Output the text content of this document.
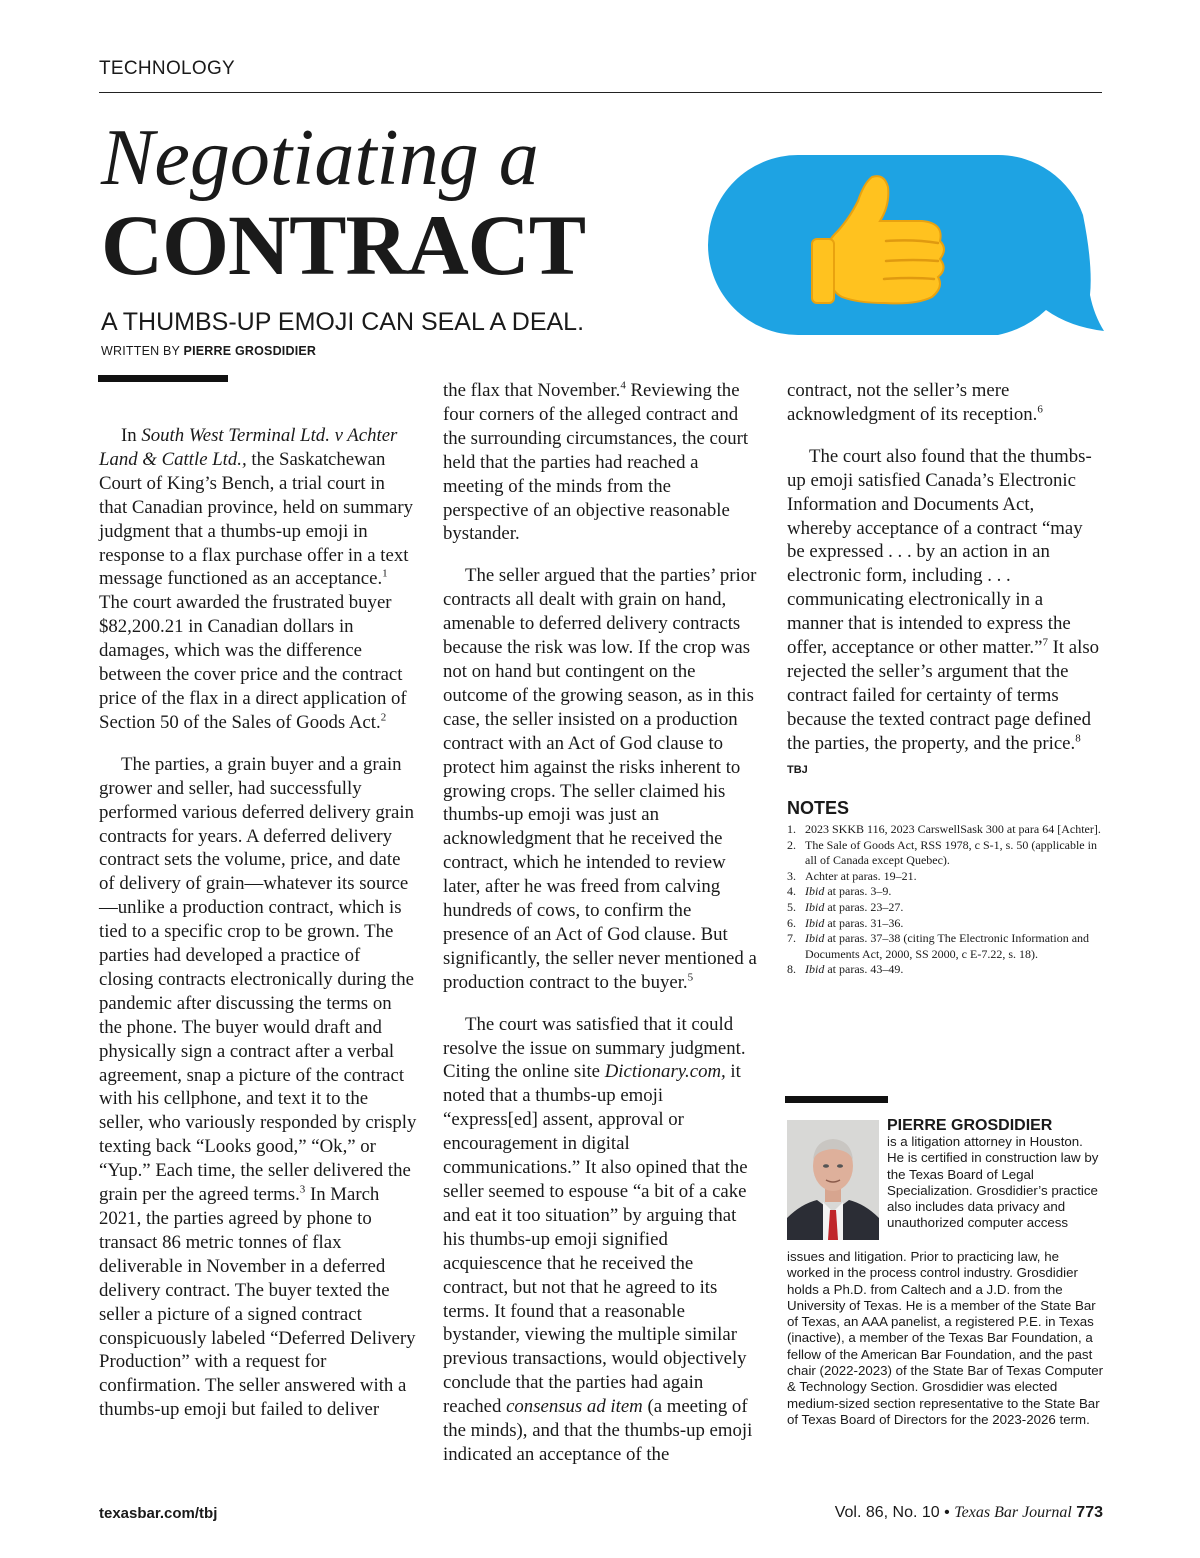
TECHNOLOGY
Negotiating a
CONTRACT
A THUMBS-UP EMOJI CAN SEAL A DEAL.
WRITTEN BY PIERRE GROSDIDIER

In South West Terminal Ltd. v Achter Land & Cattle Ltd., the Saskatchewan Court of King’s Bench, a trial court in that Canadian province, held on summary judgment that a thumbs-up emoji in response to a flax purchase offer in a text message functioned as an acceptance.$^1$ The court awarded the frustrated buyer $82,200.21 in Canadian dollars in damages, which was the difference between the cover price and the contract price of the flax in a direct application of Section 50 of the Sales of Goods Act.$^2$

The parties, a grain buyer and a grain grower and seller, had successfully performed various deferred delivery grain contracts for years. A deferred delivery contract sets the volume, price, and date of delivery of grain—whatever its source—unlike a production contract, which is tied to a specific crop to be grown. The parties had developed a practice of closing contracts electronically during the pandemic after discussing the terms on the phone. The buyer would draft and physically sign a contract after a verbal agreement, snap a picture of the contract with his cellphone, and text it to the seller, who variously responded by crisply texting back “Looks good,” “Ok,” or “Yup.” Each time, the seller delivered the grain per the agreed terms.$^3$ In March 2021, the parties agreed by phone to transact 86 metric tonnes of flax deliverable in November in a deferred delivery contract. The buyer texted the seller a picture of a signed contract conspicuously labeled “Deferred Delivery Production” with a request for confirmation. The seller answered with a thumbs-up emoji but failed to deliver

the flax that November.$^4$ Reviewing the four corners of the alleged contract and the surrounding circumstances, the court held that the parties had reached a meeting of the minds from the perspective of an objective reasonable bystander.

The seller argued that the parties’ prior contracts all dealt with grain on hand, amenable to deferred delivery contracts because the risk was low. If the crop was not on hand but contingent on the outcome of the growing season, as in this case, the seller insisted on a production contract with an Act of God clause to protect him against the risks inherent to growing crops. The seller claimed his thumbs-up emoji was just an acknowledgment that he received the contract, which he intended to review later, after he was freed from calving hundreds of cows, to confirm the presence of an Act of God clause. But significantly, the seller never mentioned a production contract to the buyer.$^5$

The court was satisfied that it could resolve the issue on summary judgment. Citing the online site Dictionary.com, it noted that a thumbs-up emoji “express[ed] assent, approval or encouragement in digital communications.” It also opined that the seller seemed to espouse “a bit of a cake and eat it too situation” by arguing that his thumbs-up emoji signified acquiescence that he received the contract, but not that he agreed to its terms. It found that a reasonable bystander, viewing the multiple similar previous transactions, would objectively conclude that the parties had again reached consensus ad item (a meeting of the minds), and that the thumbs-up emoji indicated an acceptance of the

contract, not the seller’s mere acknowledgment of its reception.$^6$

The court also found that the thumbs-up emoji satisfied Canada’s Electronic Information and Documents Act, whereby acceptance of a contract “may be expressed . . . by an action in an electronic form, including . . . communicating electronically in a manner that is intended to express the offer, acceptance or other matter.”$^7$ It also rejected the seller’s argument that the contract failed for certainty of terms because the texted contract page defined the parties, the property, and the price.$^8$ TBJ

NOTES
1. 2023 SKKB 116, 2023 CarswellSask 300 at para 64 [Achter].
2. The Sale of Goods Act, RSS 1978, c S-1, s. 50 (applicable in all of Canada except Quebec).
3. Achter at paras. 19–21.
4. Ibid at paras. 3–9.
5. Ibid at paras. 23–27.
6. Ibid at paras. 31–36.
7. Ibid at paras. 37–38 (citing The Electronic Information and Documents Act, 2000, SS 2000, c E-7.22, s. 18).
8. Ibid at paras. 43–49.
PIERRE GROSDIDIER
is a litigation attorney in Houston. He is certified in construction law by the Texas Board of Legal Specialization. Grosdidier’s practice also includes data privacy and unauthorized computer access
issues and litigation. Prior to practicing law, he worked in the process control industry. Grosdidier holds a Ph.D. from Caltech and a J.D. from the University of Texas. He is a member of the State Bar of Texas, an AAA panelist, a registered P.E. in Texas (inactive), a member of the Texas Bar Foundation, a fellow of the American Bar Foundation, and the past chair (2022-2023) of the State Bar of Texas Computer & Technology Section. Grosdidier was elected medium-sized section representative to the State Bar of Texas Board of Directors for the 2023-2026 term.
texasbar.com/tbj	Vol. 86, No. 10 • Texas Bar Journal 773
